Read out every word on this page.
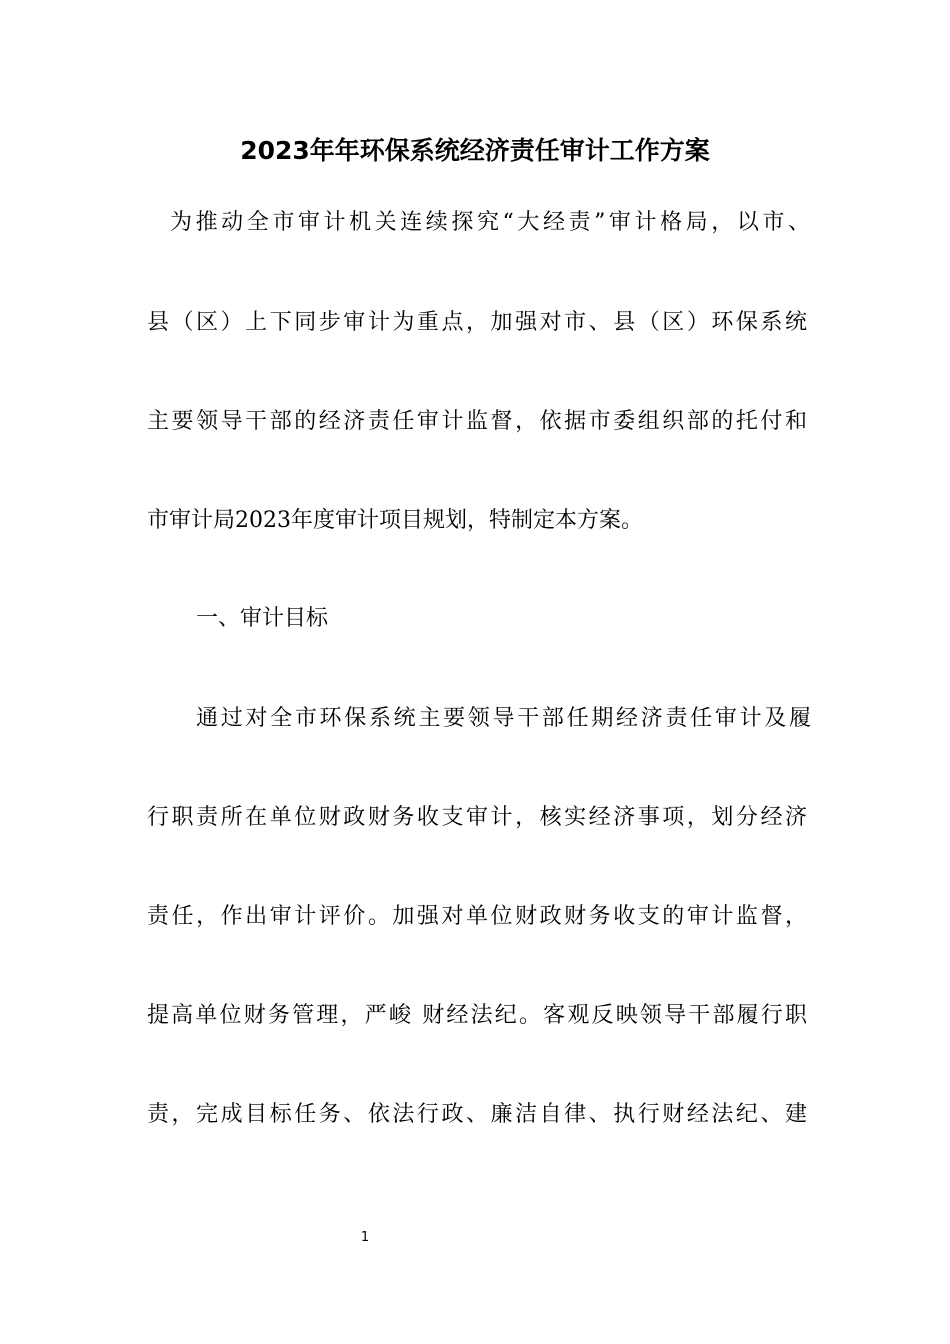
2023年年环保系统经济责任审计工作方案
为推动全市审计机关连续探究“大经责”审计格局，以市、
县（区）上下同步审计为重点，加强对市、县（区）环保系统
主要领导干部的经济责任审计监督，依据市委组织部的托付和
市审计局2023年度审计项目规划，特制定本方案。
一、审计目标
通过对全市环保系统主要领导干部任期经济责任审计及履
行职责所在单位财政财务收支审计，核实经济事项，划分经济
责任，作出审计评价。加强对单位财政财务收支的审计监督，
提高单位财务管理，严峻 财经法纪。客观反映领导干部履行职
责，完成目标任务、依法行政、廉洁自律、执行财经法纪、建
1
